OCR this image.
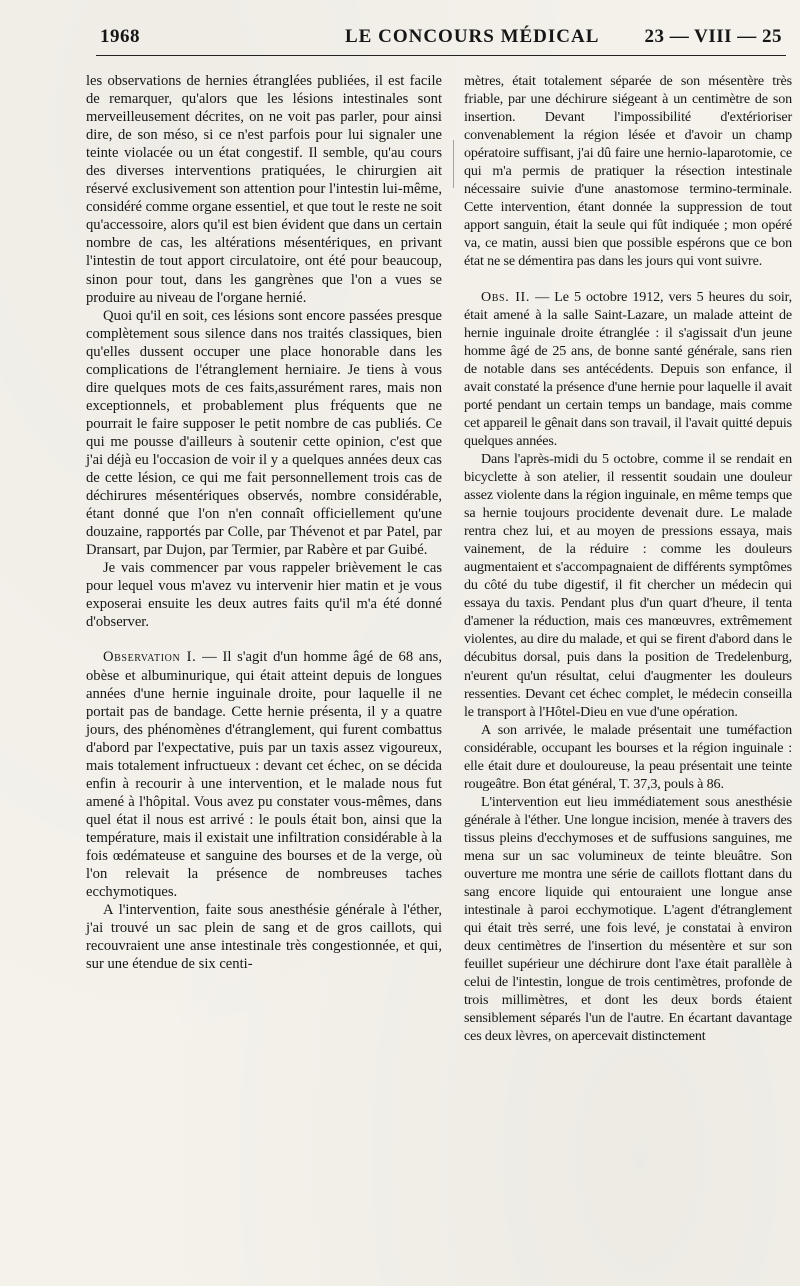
1968	LE CONCOURS MÉDICAL 23 — VIII — 25

les observations de hernies étranglées publiées, il est facile de remarquer, qu'alors que les lésions intestinales sont merveilleusement décrites, on ne voit pas parler, pour ainsi dire, de son méso, si ce n'est parfois pour lui signaler une teinte violacée ou un état congestif. Il semble, qu'au cours des diverses interventions pratiquées, le chirurgien ait réservé exclusivement son attention pour l'intestin lui-même, considéré comme organe essentiel, et que tout le reste ne soit qu'accessoire, alors qu'il est bien évident que dans un certain nombre de cas, les altérations mésentériques, en privant l'intestin de tout apport circulatoire, ont été pour beaucoup, sinon pour tout, dans les gangrènes que l'on a vues se produire au niveau de l'organe hernié.

Quoi qu'il en soit, ces lésions sont encore passées presque complètement sous silence dans nos traités classiques, bien qu'elles dussent occuper une place honorable dans les complications de l'étranglement herniaire. Je tiens à vous dire quelques mots de ces faits,assurément rares, mais non exceptionnels, et probablement plus fréquents que ne pourrait le faire supposer le petit nombre de cas publiés. Ce qui me pousse d'ailleurs à soutenir cette opinion, c'est que j'ai déjà eu l'occasion de voir il y a quelques années deux cas de cette lésion, ce qui me fait personnellement trois cas de déchirures mésentériques observés, nombre considérable, étant donné que l'on n'en connaît officiellement qu'une douzaine, rapportés par Colle, par Thévenot et par Patel, par Dransart, par Dujon, par Termier, par Rabère et par Guibé.

Je vais commencer par vous rappeler brièvement le cas pour lequel vous m'avez vu intervenir hier matin et je vous exposerai ensuite les deux autres faits qu'il m'a été donné d'observer.

Observation I. — Il s'agit d'un homme âgé de 68 ans, obèse et albuminurique, qui était atteint depuis de longues années d'une hernie inguinale droite, pour laquelle il ne portait pas de bandage. Cette hernie présenta, il y a quatre jours, des phénomènes d'étranglement, qui furent combattus d'abord par l'expectative, puis par un taxis assez vigoureux, mais totalement infructueux : devant cet échec, on se décida enfin à recourir à une intervention, et le malade nous fut amené à l'hôpital. Vous avez pu constater vous-mêmes, dans quel état il nous est arrivé : le pouls était bon, ainsi que la température, mais il existait une infiltration considérable à la fois œdémateuse et sanguine des bourses et de la verge, où l'on relevait la présence de nombreuses taches ecchymotiques.

A l'intervention, faite sous anesthésie générale à l'éther, j'ai trouvé un sac plein de sang et de gros caillots, qui recouvraient une anse intestinale très congestionnée, et qui, sur une étendue de six centi-

mètres, était totalement séparée de son mésentère très friable, par une déchirure siégeant à un centimètre de son insertion. Devant l'impossibilité d'extérioriser convenablement la région lésée et d'avoir un champ opératoire suffisant, j'ai dû faire une hernio-laparotomie, ce qui m'a permis de pratiquer la résection intestinale nécessaire suivie d'une anastomose termino-terminale. Cette intervention, étant donnée la suppression de tout apport sanguin, était la seule qui fût indiquée ; mon opéré va, ce matin, aussi bien que possible espérons que ce bon état ne se démentira pas dans les jours qui vont suivre.

Obs. II. — Le 5 octobre 1912, vers 5 heures du soir, était amené à la salle Saint-Lazare, un malade atteint de hernie inguinale droite étranglée : il s'agissait d'un jeune homme âgé de 25 ans, de bonne santé générale, sans rien de notable dans ses antécédents. Depuis son enfance, il avait constaté la présence d'une hernie pour laquelle il avait porté pendant un certain temps un bandage, mais comme cet appareil le gênait dans son travail, il l'avait quitté depuis quelques années.

Dans l'après-midi du 5 octobre, comme il se rendait en bicyclette à son atelier, il ressentit soudain une douleur assez violente dans la région inguinale, en même temps que sa hernie toujours procidente devenait dure. Le malade rentra chez lui, et au moyen de pressions essaya, mais vainement, de la réduire : comme les douleurs augmentaient et s'accompagnaient de différents symptômes du côté du tube digestif, il fit chercher un médecin qui essaya du taxis. Pendant plus d'un quart d'heure, il tenta d'amener la réduction, mais ces manœuvres, extrêmement violentes, au dire du malade, et qui se firent d'abord dans le décubitus dorsal, puis dans la position de Tredelenburg, n'eurent qu'un résultat, celui d'augmenter les douleurs ressenties. Devant cet échec complet, le médecin conseilla le transport à l'Hôtel-Dieu en vue d'une opération.

A son arrivée, le malade présentait une tuméfaction considérable, occupant les bourses et la région inguinale : elle était dure et douloureuse, la peau présentait une teinte rougeâtre. Bon état général, T. 37,3, pouls à 86.

L'intervention eut lieu immédiatement sous anesthésie générale à l'éther. Une longue incision, menée à travers des tissus pleins d'ecchymoses et de suffusions sanguines, me mena sur un sac volumineux de teinte bleuâtre. Son ouverture me montra une série de caillots flottant dans du sang encore liquide qui entouraient une longue anse intestinale à paroi ecchymotique. L'agent d'étranglement qui était très serré, une fois levé, je constatai à environ deux centimètres de l'insertion du mésentère et sur son feuillet supérieur une déchirure dont l'axe était parallèle à celui de l'intestin, longue de trois centimètres, profonde de trois millimètres, et dont les deux bords étaient sensiblement séparés l'un de l'autre. En écartant davantage ces deux lèvres, on apercevait distinctement
